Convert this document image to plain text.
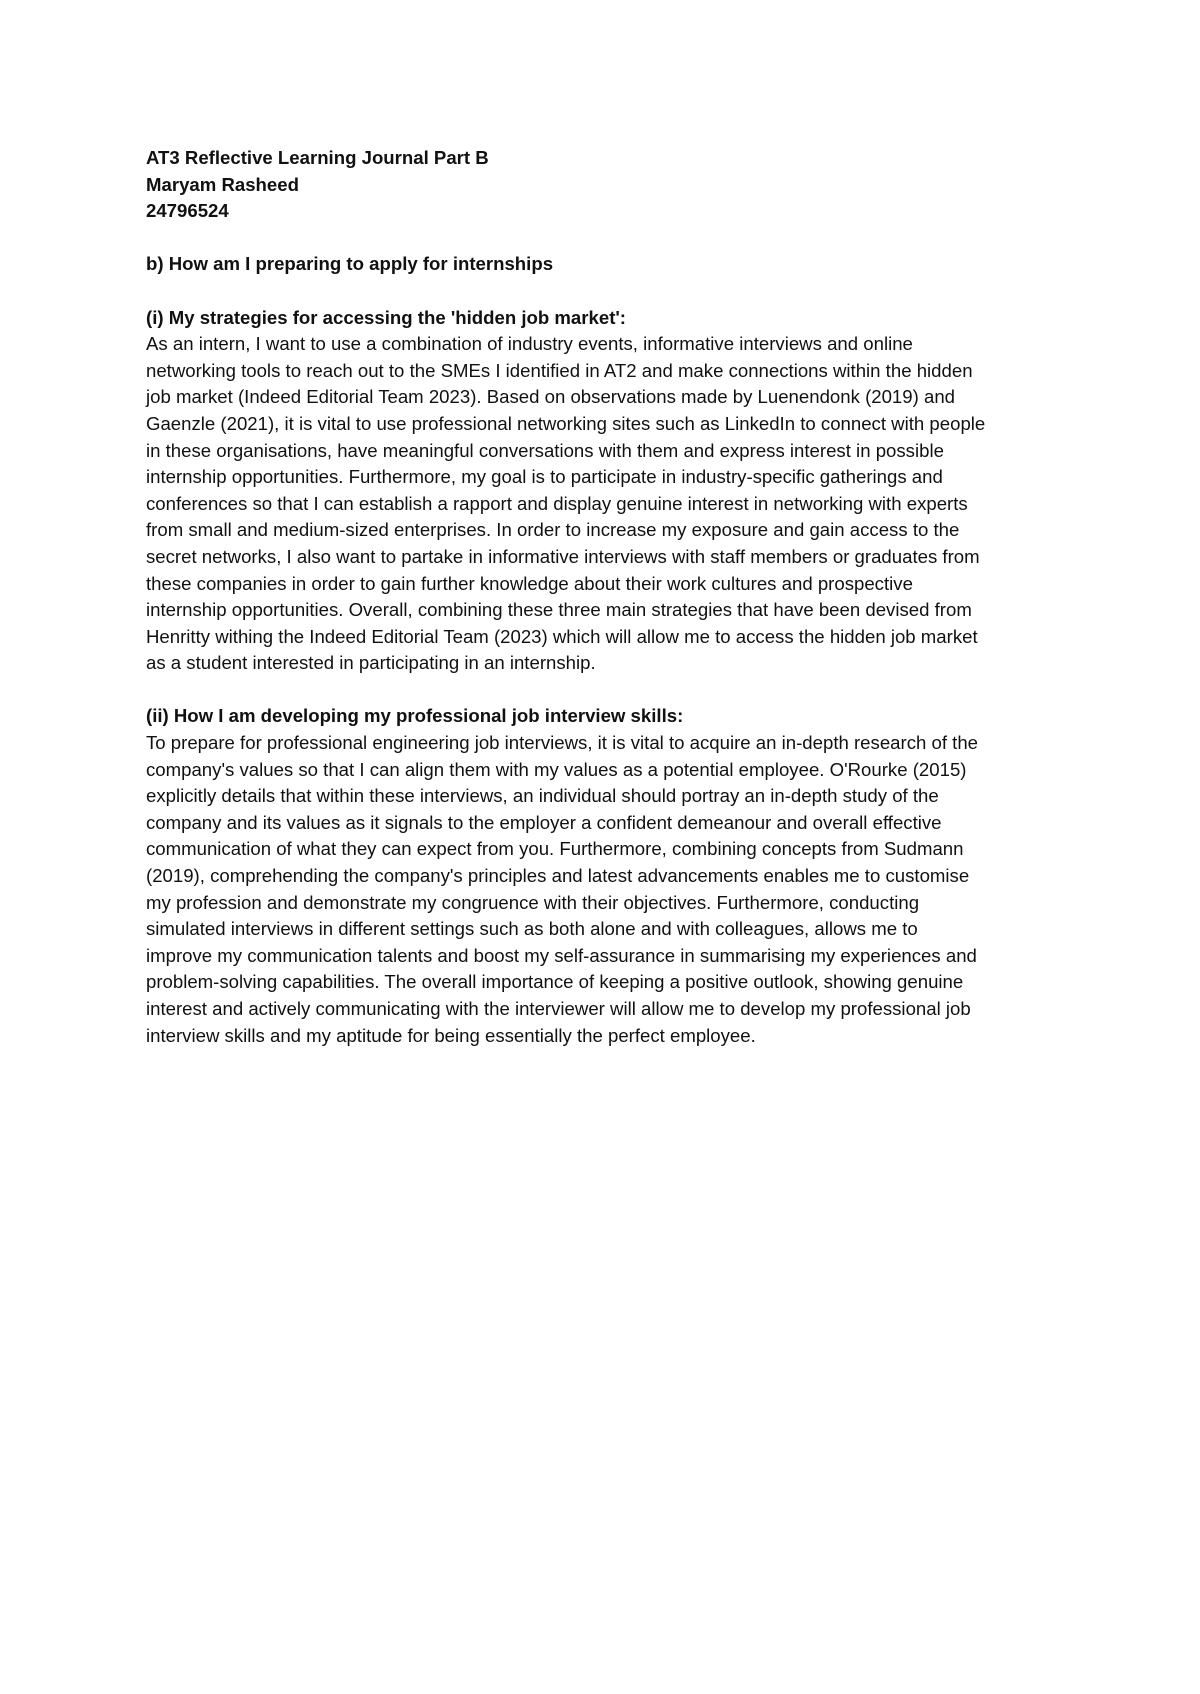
AT3 Reflective Learning Journal Part B
Maryam Rasheed
24796524
b) How am I preparing to apply for internships
(i) My strategies for accessing the 'hidden job market':
As an intern, I want to use a combination of industry events, informative interviews and online
networking tools to reach out to the SMEs I identified in AT2 and make connections within the hidden
job market (Indeed Editorial Team 2023). Based on observations made by Luenendonk (2019) and
Gaenzle (2021), it is vital to use professional networking sites such as LinkedIn to connect with people
in these organisations, have meaningful conversations with them and express interest in possible
internship opportunities. Furthermore, my goal is to participate in industry-specific gatherings and
conferences so that I can establish a rapport and display genuine interest in networking with experts
from small and medium-sized enterprises. In order to increase my exposure and gain access to the
secret networks, I also want to partake in informative interviews with staff members or graduates from
these companies in order to gain further knowledge about their work cultures and prospective
internship opportunities. Overall, combining these three main strategies that have been devised from
Henritty withing the Indeed Editorial Team (2023) which will allow me to access the hidden job market
as a student interested in participating in an internship.
(ii) How I am developing my professional job interview skills:
To prepare for professional engineering job interviews, it is vital to acquire an in-depth research of the
company's values so that I can align them with my values as a potential employee. O'Rourke (2015)
explicitly details that within these interviews, an individual should portray an in-depth study of the
company and its values as it signals to the employer a confident demeanour and overall effective
communication of what they can expect from you. Furthermore, combining concepts from Sudmann
(2019), comprehending the company's principles and latest advancements enables me to customise
my profession and demonstrate my congruence with their objectives. Furthermore, conducting
simulated interviews in different settings such as both alone and with colleagues, allows me to
improve my communication talents and boost my self-assurance in summarising my experiences and
problem-solving capabilities. The overall importance of keeping a positive outlook, showing genuine
interest and actively communicating with the interviewer will allow me to develop my professional job
interview skills and my aptitude for being essentially the perfect employee.
